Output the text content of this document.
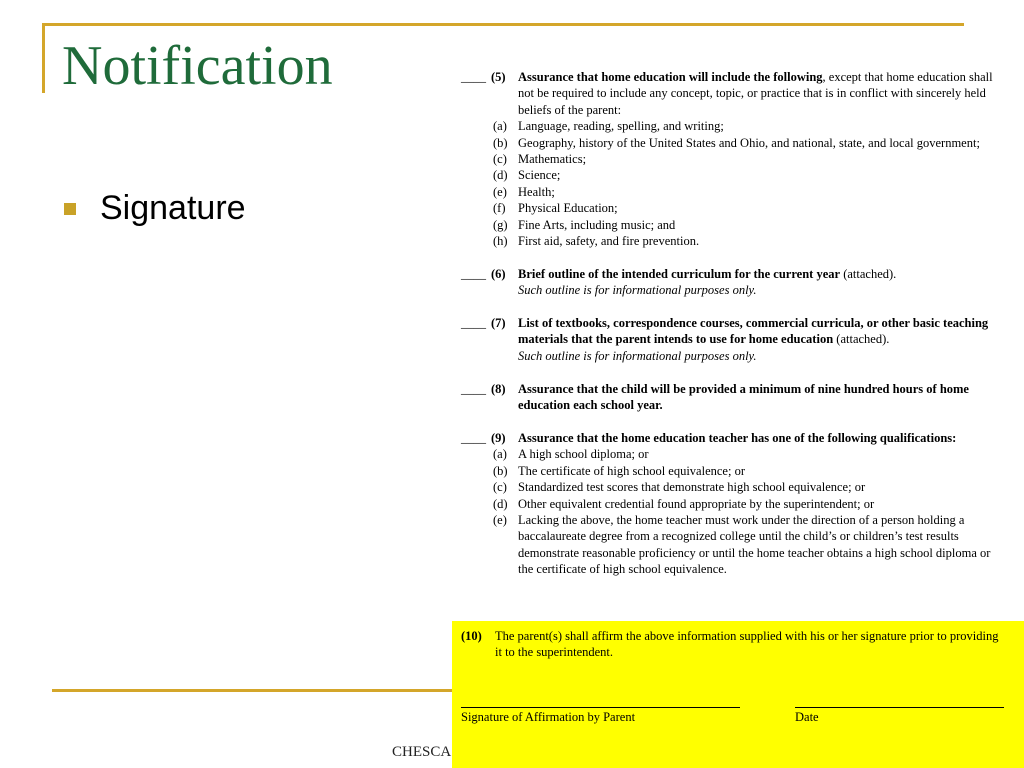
Notification
Signature
CHESCA
____ (5) Assurance that home education will include the following, except that home education shall not be required to include any concept, topic, or practice that is in conflict with sincerely held beliefs of the parent:
(a) Language, reading, spelling, and writing;
(b) Geography, history of the United States and Ohio, and national, state, and local government;
(c) Mathematics;
(d) Science;
(e) Health;
(f)	Physical Education;
(g) Fine Arts, including music; and
(h) First aid, safety, and fire prevention.
____ (6) Brief outline of the intended curriculum for the current year (attached).
Such outline is for informational purposes only.
____ (7) List of textbooks, correspondence courses, commercial curricula, or other basic teaching materials that the parent intends to use for home education (attached).
Such outline is for informational purposes only.
____ (8) Assurance that the child will be provided a minimum of nine hundred hours of home education each school year.
____ (9) Assurance that the home education teacher has one of the following qualifications:
(a) A high school diploma; or
(b) The certificate of high school equivalence; or
(c) Standardized test scores that demonstrate high school equivalence; or
(d) Other equivalent credential found appropriate by the superintendent; or
(e) Lacking the above, the home teacher must work under the direction of a person holding a baccalaureate degree from a recognized college until the child’s or children’s test results demonstrate reasonable proficiency or until the home teacher obtains a high school diploma or the certificate of high school equivalence.
(10)	The parent(s) shall affirm the above information supplied with his or her signature prior to providing it to the superintendent.
Signature of Affirmation by Parent	Date
